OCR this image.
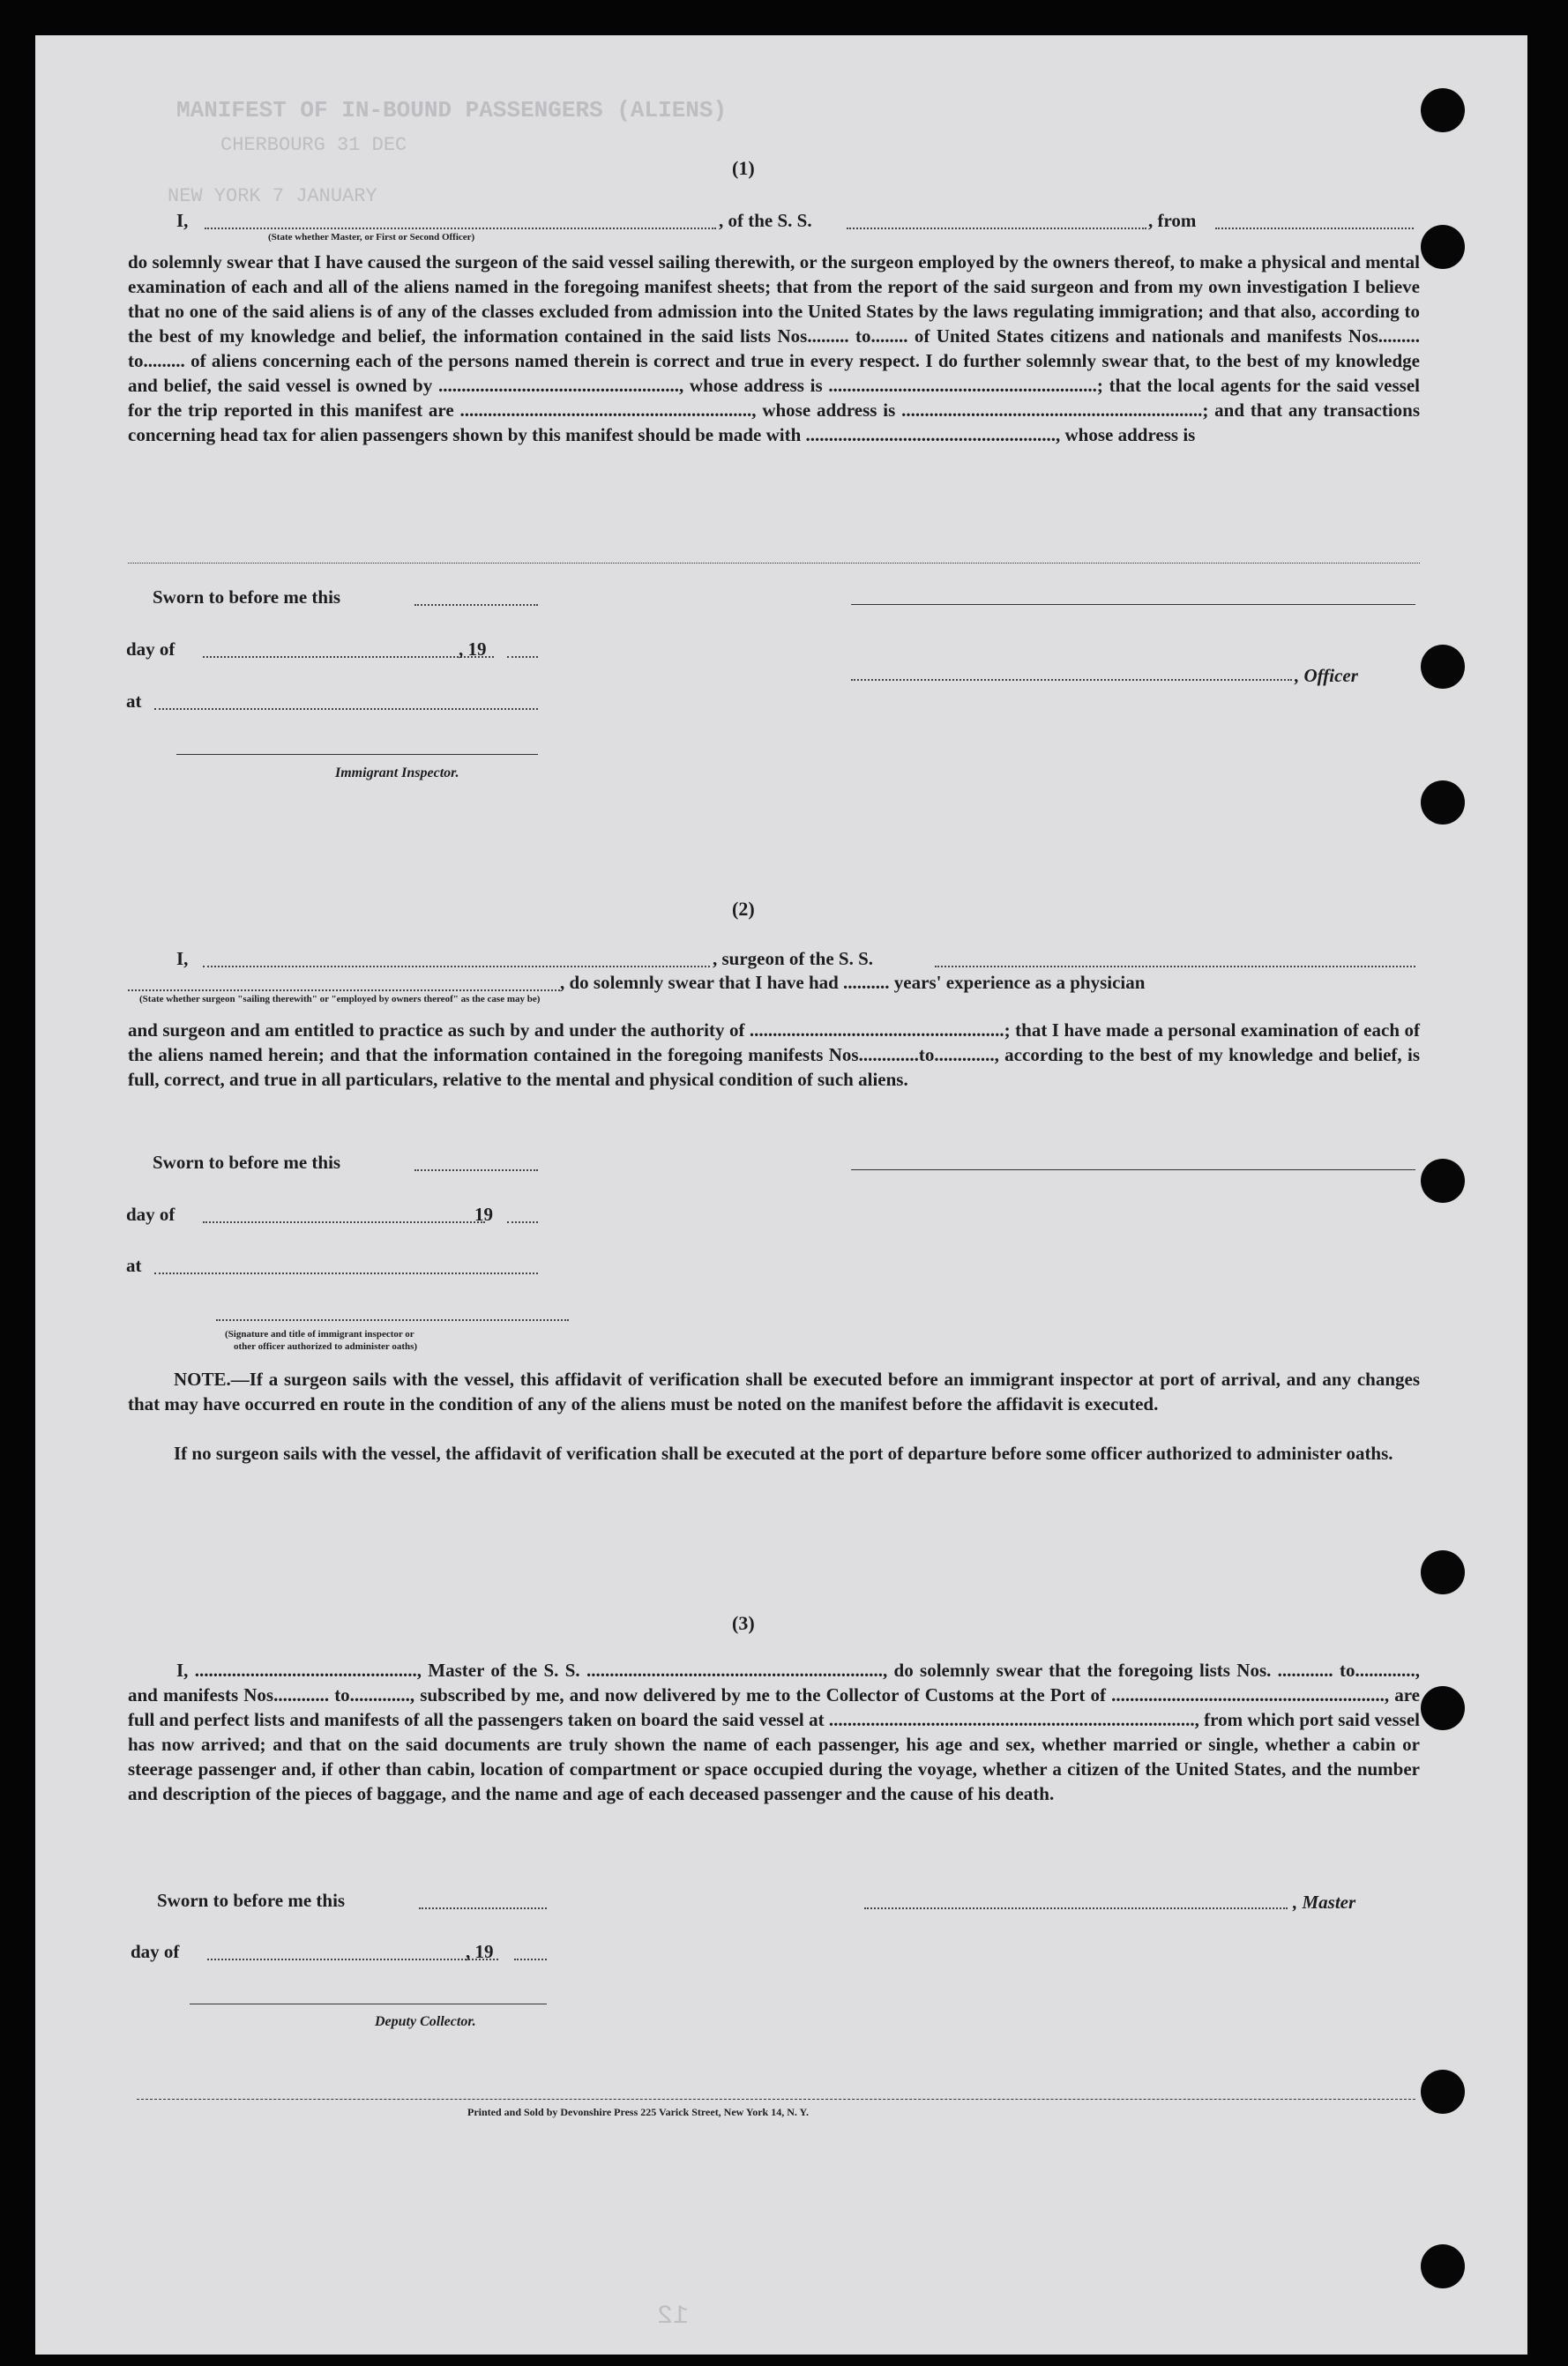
MANIFEST OF IN-BOUND PASSENGERS (ALIENS)
CHERBOURG 31 DEC
NEW YORK 7 JANUARY
12
(1)
I,	, of the S. S.	, from
(State whether Master, or First or Second Officer)
do solemnly swear that I have caused the surgeon of the said vessel sailing therewith, or the surgeon employed by the owners thereof, to make a physical and mental examination of each and all of the aliens named in the foregoing manifest sheets; that from the report of the said surgeon and from my own investigation I believe that no one of the said aliens is of any of the classes excluded from admission into the United States by the laws regulating immigration; and that also, according to the best of my knowledge and belief, the information contained in the said lists Nos......... to........ of United States citizens and nationals and manifests Nos......... to......... of aliens concerning each of the persons named therein is correct and true in every respect. I do further solemnly swear that, to the best of my knowledge and belief, the said vessel is owned by ...................................................., whose address is ..........................................................; that the local agents for the said vessel for the trip reported in this manifest are ..............................................................., whose address is .................................................................; and that any transactions concerning head tax for alien passengers shown by this manifest should be made with ......................................................, whose address is
Sworn to before me this
day of	, 19
, Officer
at
Immigrant Inspector.
(2)
I,	, surgeon of the S. S.
, do solemnly swear that I have had .......... years' experience as a physician
(State whether surgeon "sailing therewith" or "employed by owners thereof" as the case may be)
and surgeon and am entitled to practice as such by and under the authority of .......................................................; that I have made a personal examination of each of the aliens named herein; and that the information contained in the foregoing manifests Nos.............to............., according to the best of my knowledge and belief, is full, correct, and true in all particulars, relative to the mental and physical condition of such aliens.
Sworn to before me this
day of	19
at
(Signature and title of immigrant inspector or
other officer authorized to administer oaths)
NOTE.—If a surgeon sails with the vessel, this affidavit of verification shall be executed before an immigrant inspector at port of arrival, and any changes that may have occurred en route in the condition of any of the aliens must be noted on the manifest before the affidavit is executed.
If no surgeon sails with the vessel, the affidavit of verification shall be executed at the port of departure before some officer authorized to administer oaths.
(3)
I, ................................................, Master of the S. S. ................................................................, do solemnly swear that the foregoing lists Nos. ............ to............., and manifests Nos............ to............., subscribed by me, and now delivered by me to the Collector of Customs at the Port of ..........................................................., are full and perfect lists and manifests of all the passengers taken on board the said vessel at ..............................................................................., from which port said vessel has now arrived; and that on the said documents are truly shown the name of each passenger, his age and sex, whether married or single, whether a cabin or steerage passenger and, if other than cabin, location of compartment or space occupied during the voyage, whether a citizen of the United States, and the number and description of the pieces of baggage, and the name and age of each deceased passenger and the cause of his death.
Sworn to before me this	, Master
day of	, 19
Deputy Collector.
Printed and Sold by Devonshire Press 225 Varick Street, New York 14, N. Y.
